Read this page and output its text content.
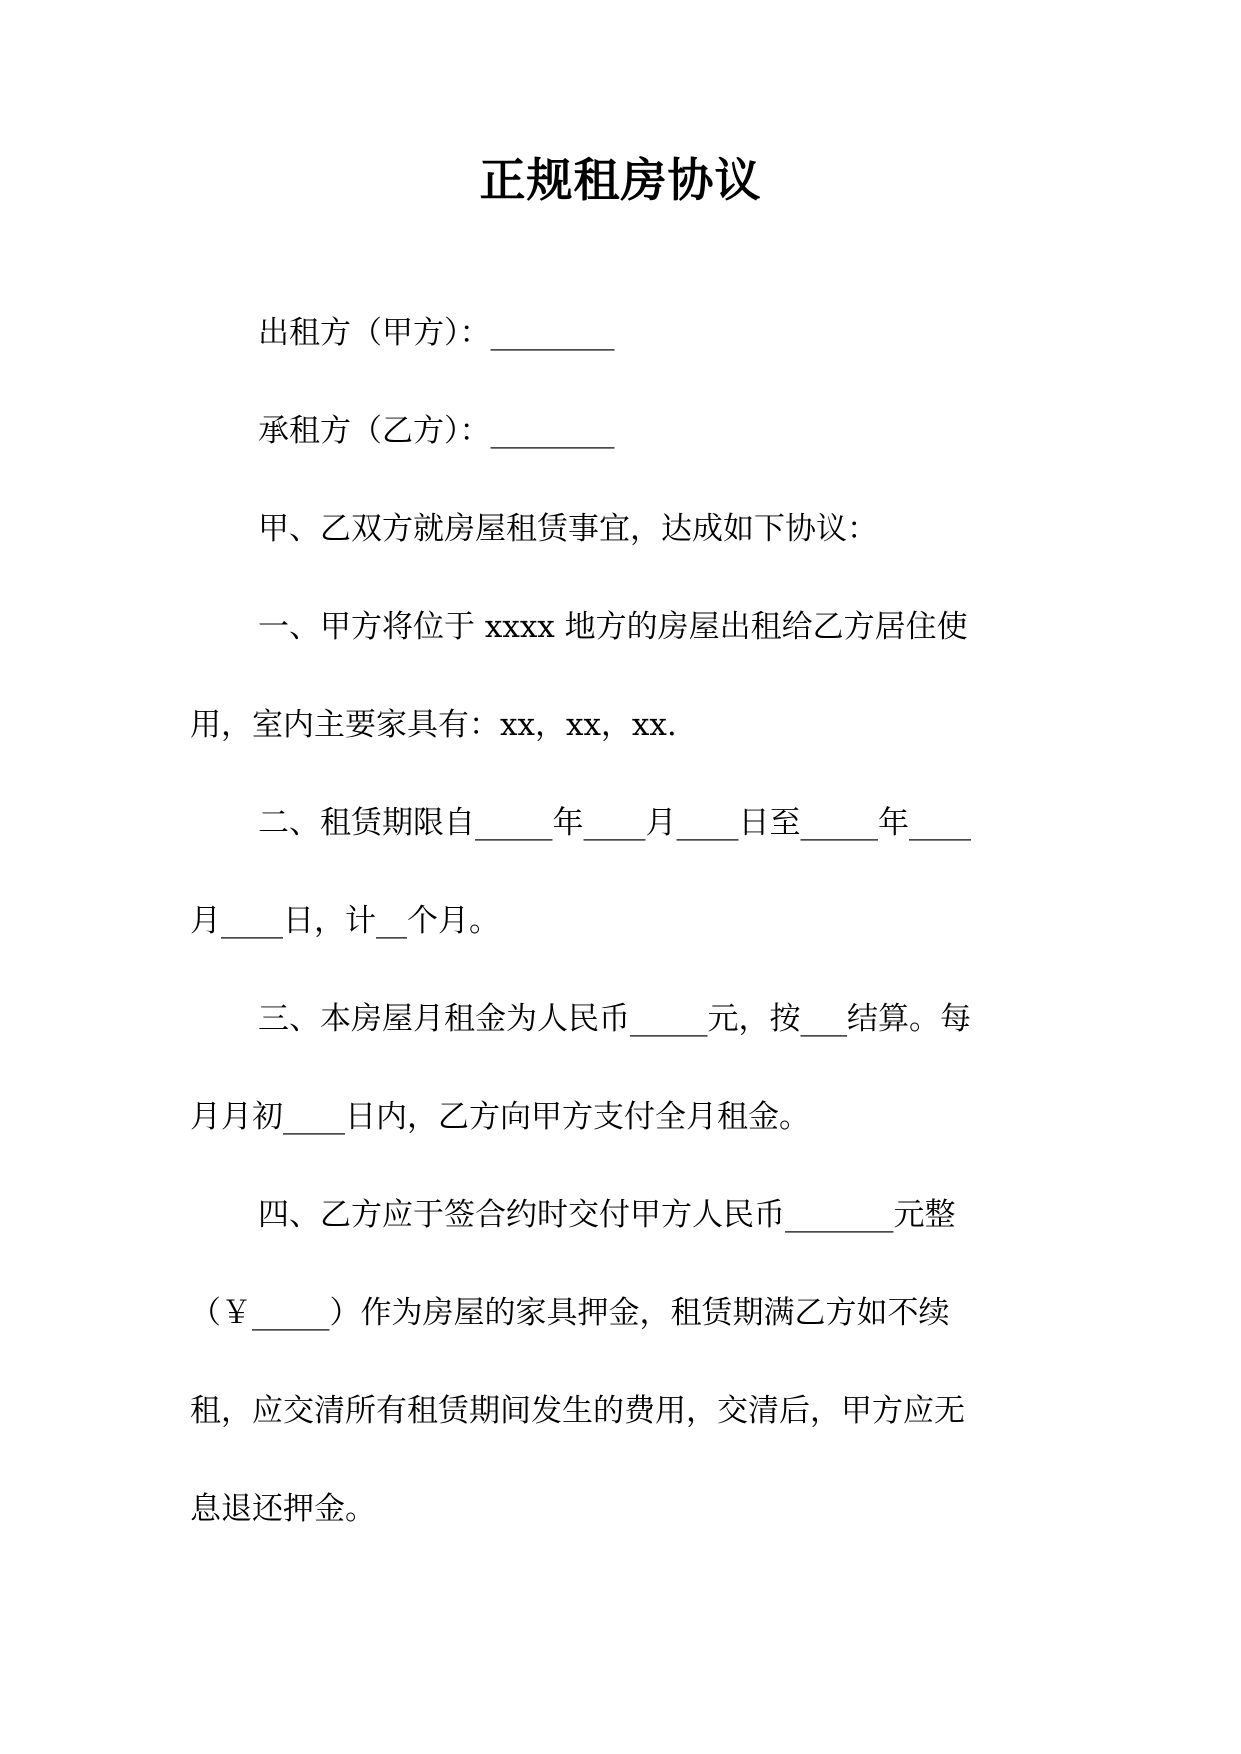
正规租房协议
出租方（甲方）：________
承租方（乙方）：________
甲、乙双方就房屋租赁事宜，达成如下协议：
一、甲方将位于 xxxx 地方的房屋出租给乙方居住使
用，室内主要家具有：xx，xx，xx.
二、租赁期限自_____年____月____日至_____年____
月____日，计__个月。
三、本房屋月租金为人民币_____元，按___结算。每
月月初____日内，乙方向甲方支付全月租金。
四、乙方应于签合约时交付甲方人民币_______元整
（￥_____）作为房屋的家具押金，租赁期满乙方如不续
租，应交清所有租赁期间发生的费用，交清后，甲方应无
息退还押金。
